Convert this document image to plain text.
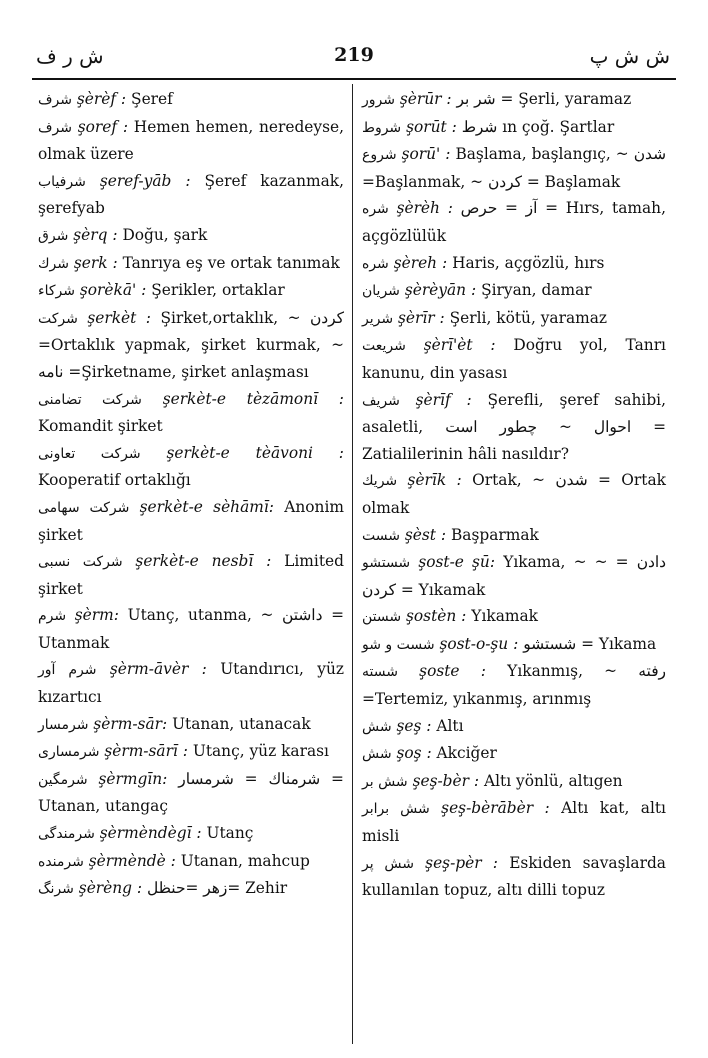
ش ر ف	219	ش ش پ
شرف şèrèf : Şeref
شرف şoref : Hemen hemen, neredeyse, olmak üzere
شرفیاب şeref-yāb : Şeref kazanmak, şerefyab
شرق şèrq : Doğu, şark
شرك şerk : Tanrıya eş ve ortak tanımak
شركاء şorèkā' : Şerikler, ortaklar
شركت şerkèt : Şirket,ortaklık, ~ كردن =Ortaklık yapmak, şirket kurmak, ~ نامه =Şirketname, şirket anlaşması
شركت تضامنی şerkèt-e tèzāmonī : Komandit şirket
شركت تعاونی şerkèt-e tèāvoni : Kooperatif ortaklığı
شركت سهامی şerkèt-e sèhāmī: Anonim şirket
شركت نسبی şerkèt-e nesbī : Limited şirket
شرم şèrm: Utanç, utanma, ~ داشتن = Utanmak
شرم آور şèrm-āvèr : Utandırıcı, yüz kızartıcı
شرمسار şèrm-sār: Utanan, utanacak
شرمساری şèrm-sārī : Utanç, yüz karası
شرمگین şèrmgīn: شرمناك = شرمسار = Utanan, utangaç
شرمندگی şèrmèndègī : Utanç
شرمنده şèrmèndè : Utanan, mahcup
شرنگ şèrèng : زهر =حنظل= Zehir
شرور şèrūr : شر بر = Şerli, yaramaz
شروط şorūt : شرط ın çoğ. Şartlar
شروع şorū' : Başlama, başlangıç, ~ شدن =Başlanmak, ~ كردن = Başlamak
شره şèrèh : آز = حرص = Hırs, tamah, açgözlülük
شره şèreh : Haris, açgözlü, hırs
شریان şèrèyān : Şiryan, damar
شریر şèrīr : Şerli, kötü, yaramaz
شریعت şèrī'èt : Doğru yol, Tanrı kanunu, din yasası
شریف şèrīf : Şerefli, şeref sahibi, asaletli, احوال ~ چطور است = Zatialilerinin hâli nasıldır?
شریك şèrīk : Ortak, ~ شدن = Ortak olmak
شست şèst : Başparmak
شستشو şost-e şū: Yıkama, ~ دادن = ~ كردن = Yıkamak
شستن şostèn : Yıkamak
شست و شو şost-o-şu : شستشو = Yıkama
شسته şoste : Yıkanmış, ~ رفته =Tertemiz, yıkanmış, arınmış
شش şeş : Altı
شش şoş : Akciğer
شش بر şeş-bèr : Altı yönlü, altıgen
شش برابر şeş-bèrābèr : Altı kat, altı misli
شش پر şeş-pèr : Eskiden savaşlarda kullanılan topuz, altı dilli topuz
